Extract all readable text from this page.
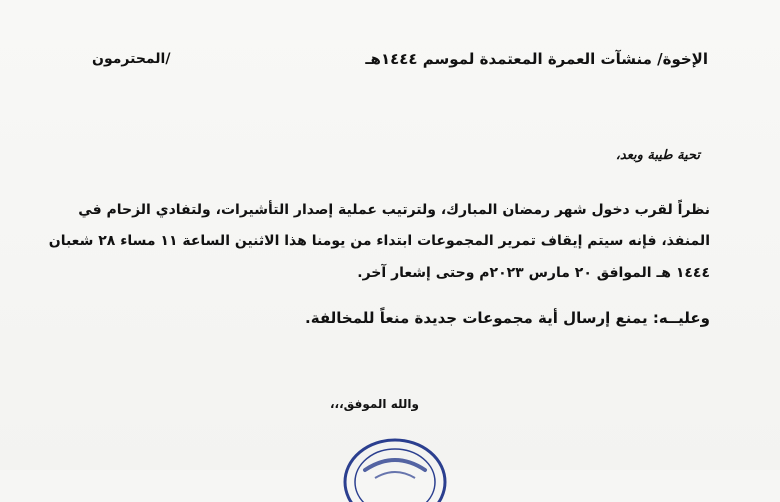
الإخوة/ منشآت العمرة المعتمدة لموسم ١٤٤٤هـ
/المحترمون
تحية طيبة وبعد،
نظراً لقرب دخول شهر رمضان المبارك، ولترتيب عملية إصدار التأشيرات، ولتفادي الزحام في
المنفذ، فإنه سيتم إيقاف تمرير المجموعات ابتداء من يومنا هذا الاثنين الساعة ١١ مساء ٢٨ شعبان
١٤٤٤ هـ الموافق ٢٠ مارس ٢٠٢٣م وحتى إشعار آخر.
وعليــه: يمنع إرسال أية مجموعات جديدة منعاً للمخالفة.
والله الموفق،،،
